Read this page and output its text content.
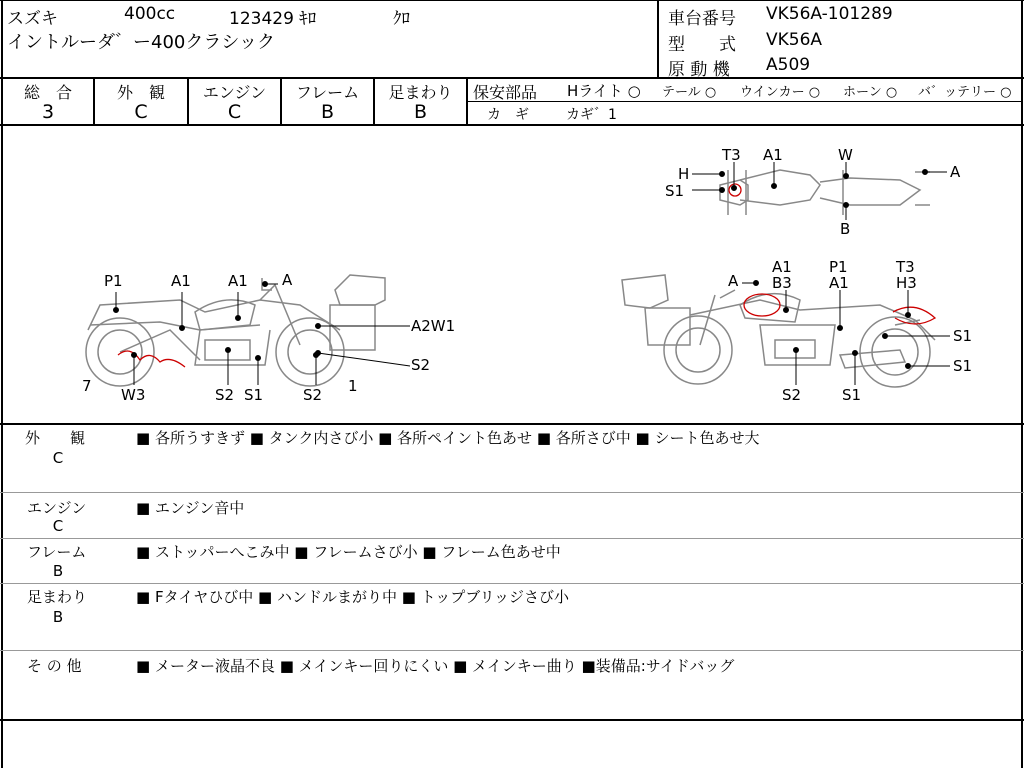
スズキ	400cc	123429 ｷﾛ	ｸﾛ
イントルーダ゛ー400クラシック
車台番号 VK56A-101289
型　　式 VK56A
原 動 機 A509
総　合
3
外　観
C
エンジン
C
フレーム
B
足まわり
B
保安部品 Hライト ○ テール ○ ウインカー ○ ホーン ○ バ゛ッテリー ○
カ　ギ	カギ゛1
P1	A1 A1 A
A2W1
S2
7 W3	S2 S1	S2 1
A
A1
B3
P1
A1
T3
H3
S1
S1
S2	S1
H
T3 A1	W
S1
A
B
外　　観
C
■ 各所うすきず ■ タンク内さび小 ■ 各所ペイント色あせ ■ 各所さび中 ■ シート色あせ大
エンジン
C
■ エンジン音中
フレーム
B
■ ストッパーへこみ中 ■ フレームさび小 ■ フレーム色あせ中
足まわり
B
■ Fタイヤひび中 ■ ハンドルまがり中 ■ トップブリッジさび小
そ の 他	■ メーター液晶不良 ■ メインキー回りにくい ■ メインキー曲り ■装備品:サイドバッグ
